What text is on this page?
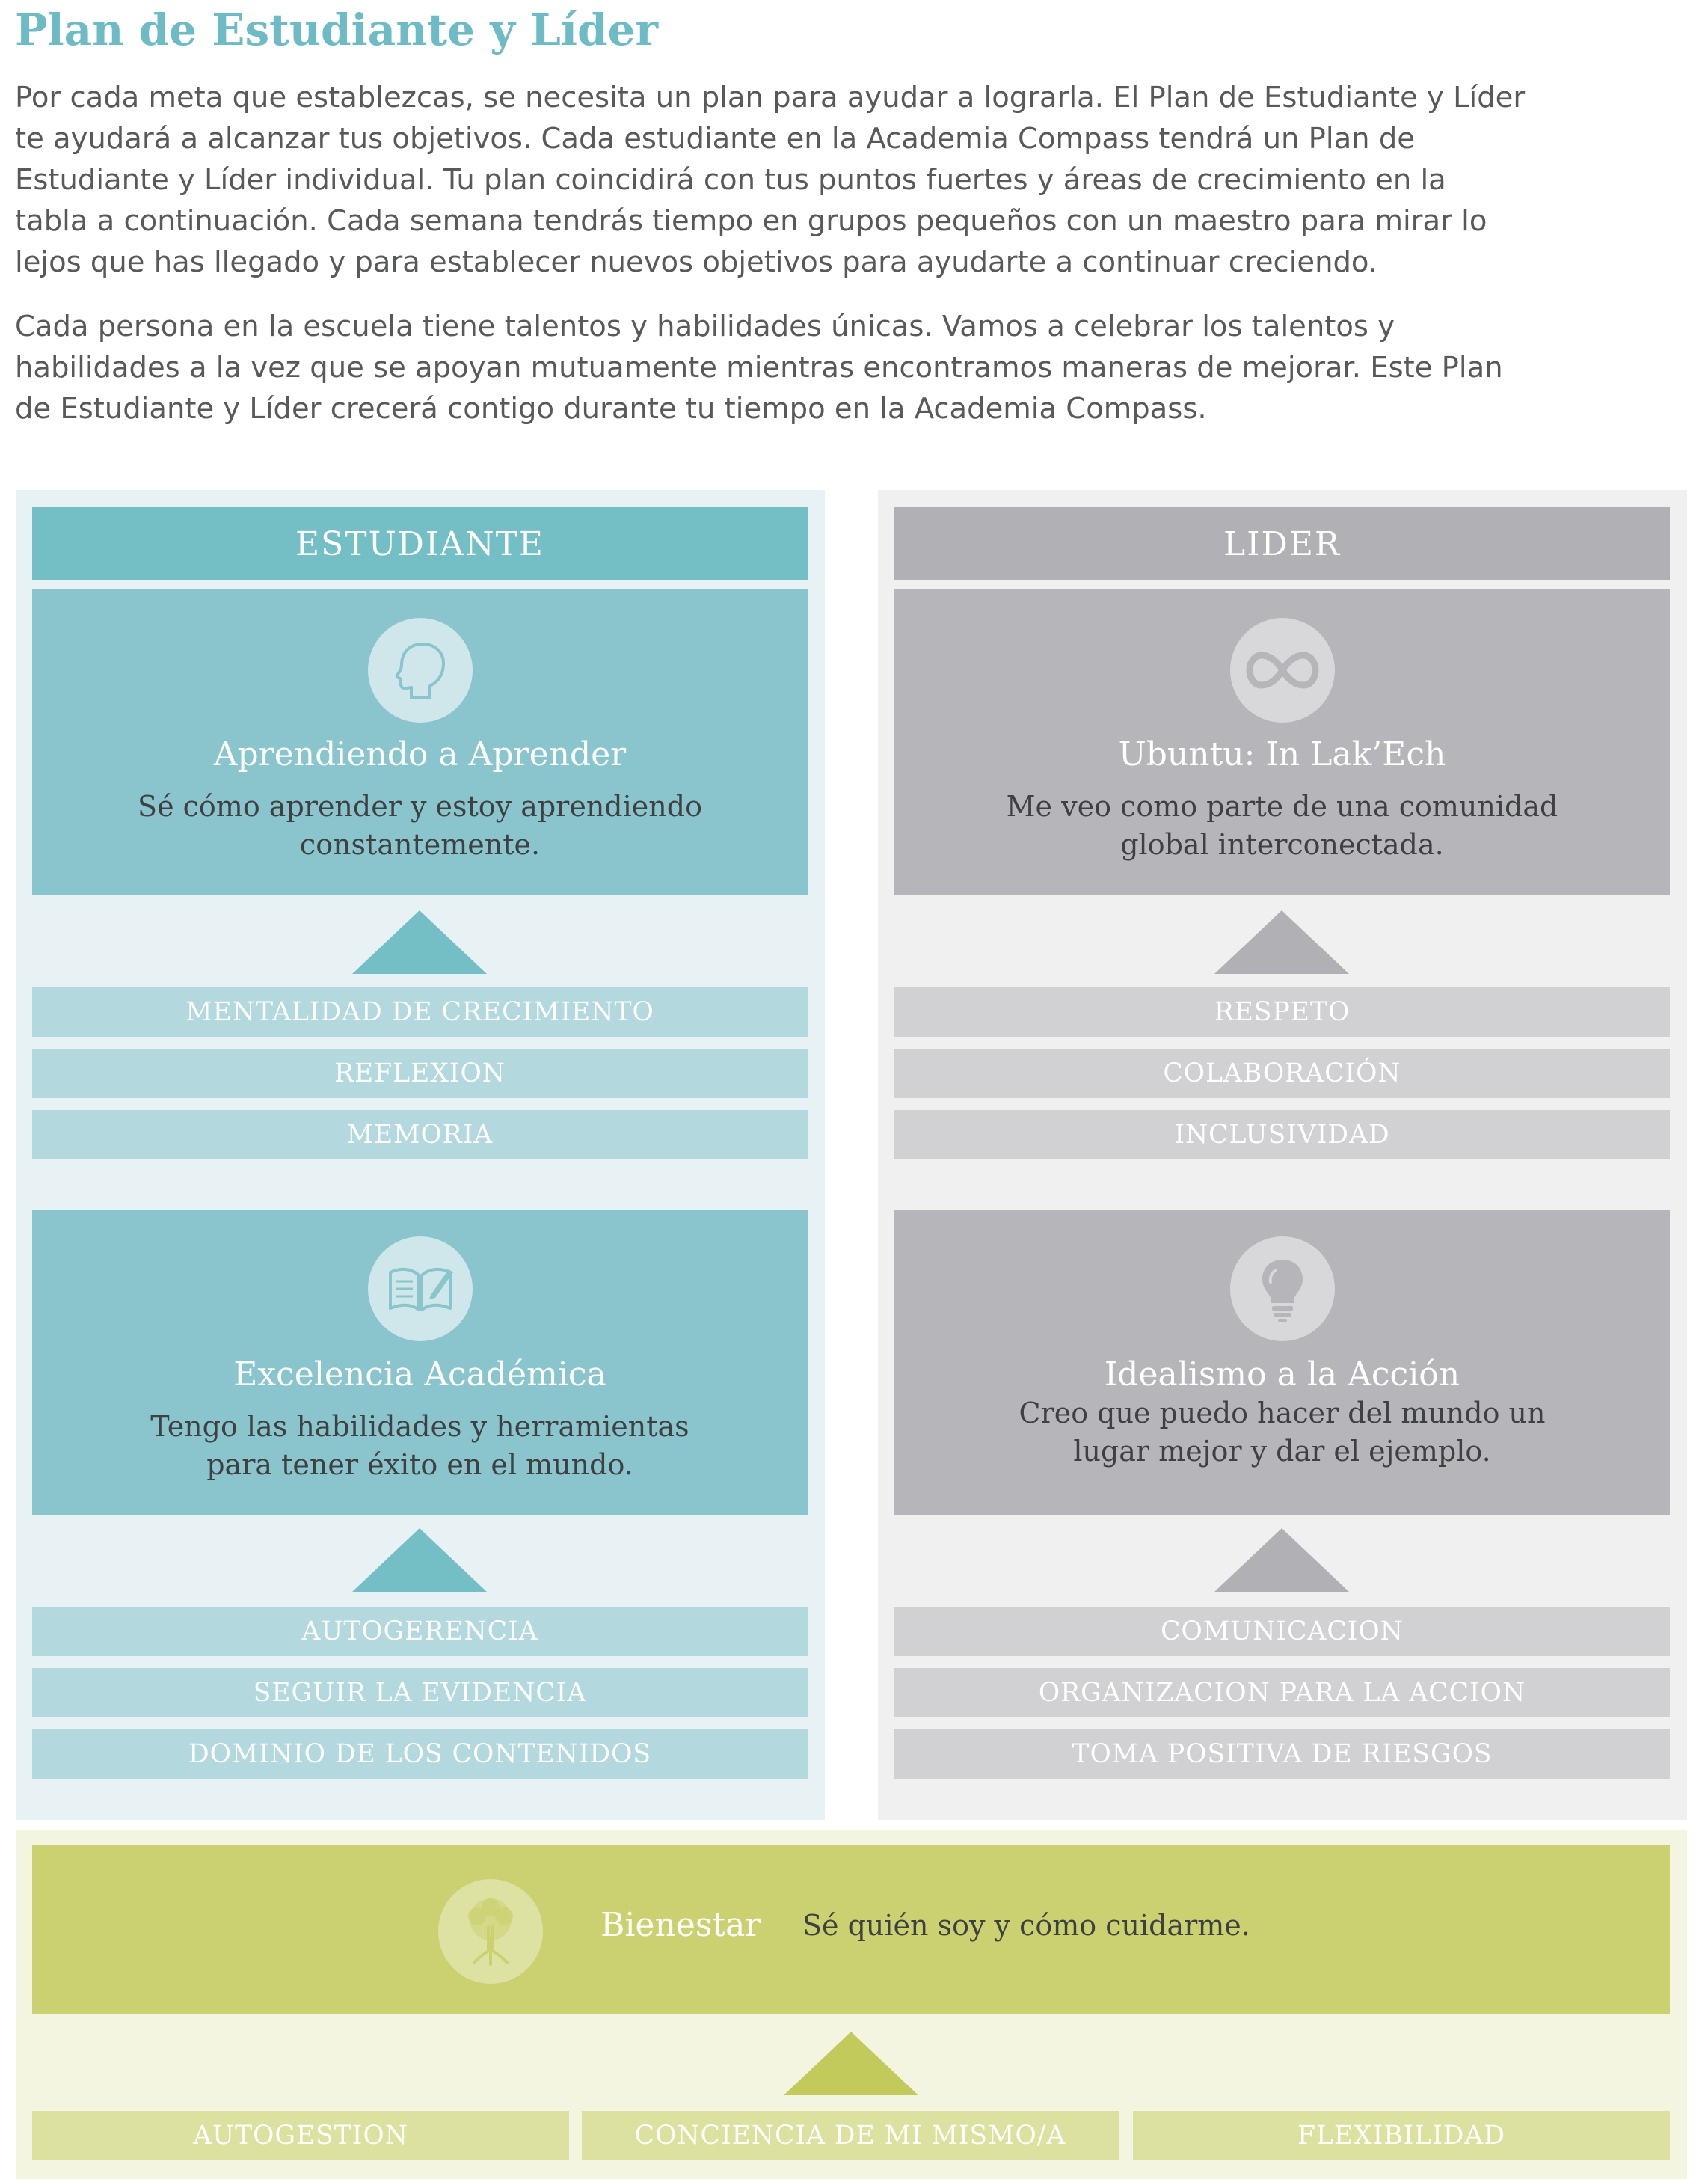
Plan de Estudiante y Líder
Por cada meta que establezcas, se necesita un plan para ayudar a lograrla. El Plan de Estudiante y Líder
te ayudará a alcanzar tus objetivos. Cada estudiante en la Academia Compass tendrá un Plan de
Estudiante y Líder individual. Tu plan coincidirá con tus puntos fuertes y áreas de crecimiento en la
tabla a continuación. Cada semana tendrás tiempo en grupos pequeños con un maestro para mirar lo
lejos que has llegado y para establecer nuevos objetivos para ayudarte a continuar creciendo.
Cada persona en la escuela tiene talentos y habilidades únicas. Vamos a celebrar los talentos y
habilidades a la vez que se apoyan mutuamente mientras encontramos maneras de mejorar. Este Plan
de Estudiante y Líder crecerá contigo durante tu tiempo en la Academia Compass.
ESTUDIANTE
Aprendiendo a Aprender
Sé cómo aprender y estoy aprendiendo
constantemente.
MENTALIDAD DE CRECIMIENTO
REFLEXION
MEMORIA
Excelencia Académica
Tengo las habilidades y herramientas
para tener éxito en el mundo.
AUTOGERENCIA
SEGUIR LA EVIDENCIA
DOMINIO DE LOS CONTENIDOS
LIDER
Ubuntu: In Lak’Ech
Me veo como parte de una comunidad
global interconectada.
RESPETO
COLABORACIÓN
INCLUSIVIDAD
Idealismo a la Acción
Creo que puedo hacer del mundo un
lugar mejor y dar el ejemplo.
COMUNICACION
ORGANIZACION PARA LA ACCION
TOMA POSITIVA DE RIESGOS
Bienestar Sé quién soy y cómo cuidarme.
AUTOGESTION	CONCIENCIA DE MI MISMO/A	FLEXIBILIDAD
